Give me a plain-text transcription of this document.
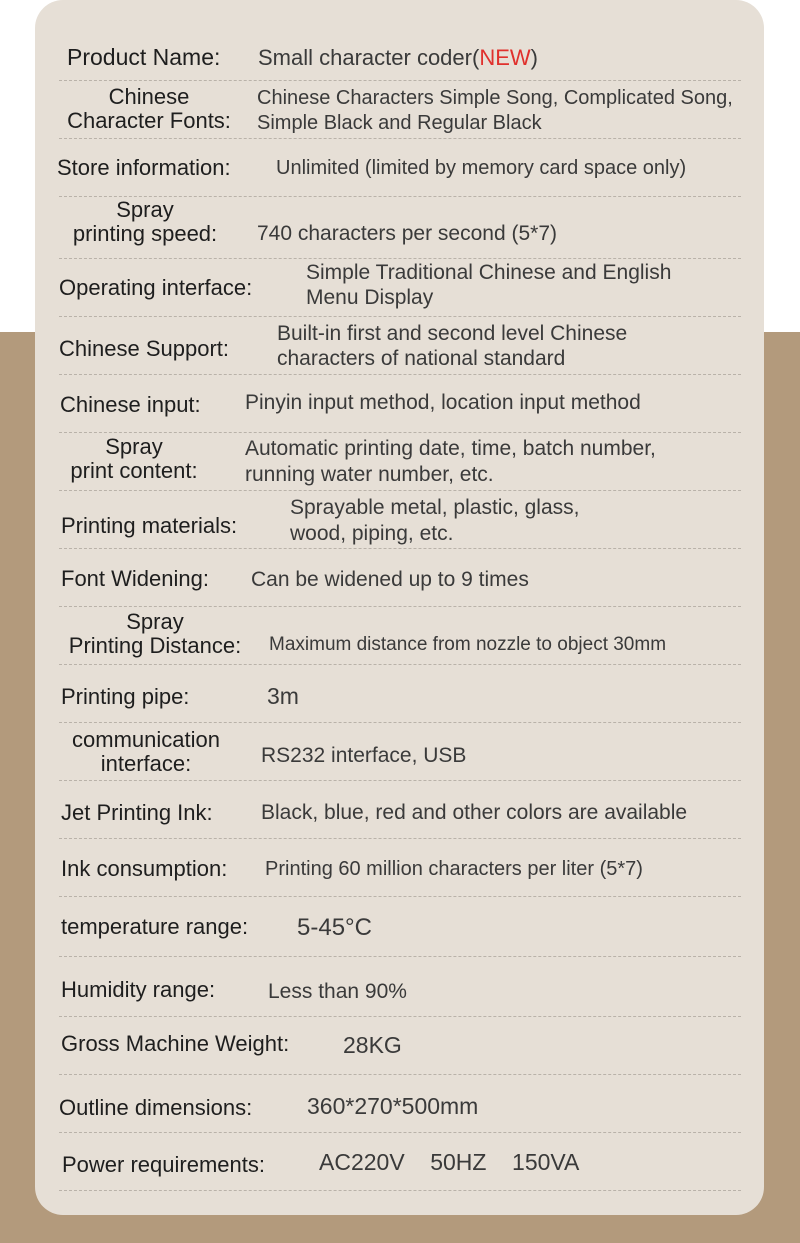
Product Name: Small character coder(NEW)
Chinese
Character Fonts:
Chinese Characters Simple Song, Complicated Song,
Simple Black and Regular Black
Store information: Unlimited (limited by memory card space only)
Spray
printing speed:	740 characters per second (5*7)
Operating interface:
Simple Traditional Chinese and English
Menu Display
Chinese Support:
Built-in first and second level Chinese
characters of national standard
Chinese input: Pinyin input method, location input method
Spray
print content:
Automatic printing date, time, batch number,
running water number, etc.
Printing materials:
Sprayable metal, plastic, glass,
wood, piping, etc.
Font Widening: Can be widened up to 9 times
Spray
Printing Distance:	Maximum distance from nozzle to object 30mm
Printing pipe:	3m
communication
interface:	RS232 interface, USB
Jet Printing Ink: Black, blue, red and other colors are available
Ink consumption: Printing 60 million characters per liter (5*7)
temperature range: 5-45°C
Humidity range:	Less than 90%
Gross Machine Weight: 28KG
Outline dimensions: 360*270*500mm
Power requirements: AC220V    50HZ    150VA
